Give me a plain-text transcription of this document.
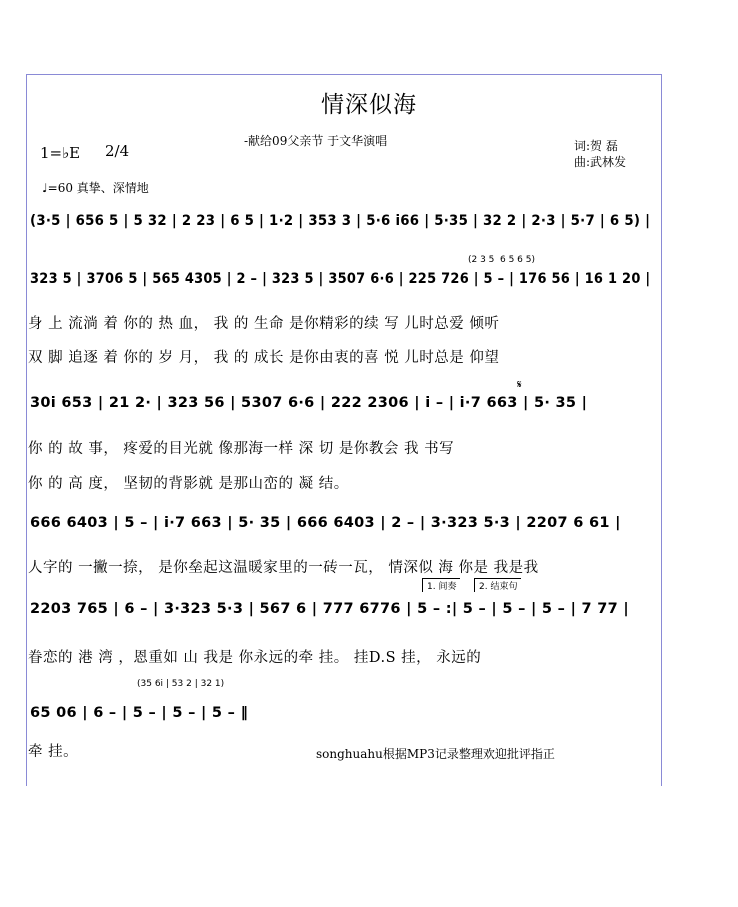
情深似海
-献给09父亲节 于文华演唱
1=♭E 2/4	词:贺 磊
曲:武林发
♩=60 真挚、深情地
(3·5 | 656 5 | 5 32 | 2 23 | 6 5 | 1·2 | 353 3 | 5·6 i66 | 5·35 | 32 2 | 2·3 | 5·7 | 6 5) |
(2 3 5 6 5 6 5)
323 5 | 3706 5 | 565 4305 | 2 – | 323 5 | 3507 6·6 | 225 726 | 5 – | 176 56 | 16 1 20 |
身 上 流淌 着 你的 热 血， 我 的 生命 是你精彩的续 写 儿时总爱 倾听
双 脚 追逐 着 你的 岁 月， 我 的 成长 是你由衷的喜 悦 儿时总是 仰望
𝄋
30i 653 | 21 2· | 323 56 | 5307 6·6 | 222 2306 | i – | i·7 663 | 5· 35 |
你 的 故 事， 疼爱的目光就 像那海一样 深 切 是你教会 我 书写
你 的 高 度， 坚韧的背影就 是那山峦的 凝 结。
666 6403 | 5 – | i·7 663 | 5· 35 | 666 6403 | 2 – | 3·323 5·3 | 2207 6 61 |
人字的 一撇一捺， 是你垒起这温暖家里的一砖一瓦， 情深似 海 你是 我是我
1. 间奏	2. 结束句
2203 765 | 6 – | 3·323 5·3 | 567 6 | 777 6776 | 5 – :| 5 – | 5 – | 5 – | 7 77 |
眷恋的 港 湾 ，恩重如 山 我是 你永远的牵 挂。 挂D.S 挂， 永远的
(35 6i | 53 2 | 32 1)
65 06 | 6 – | 5 – | 5 – | 5 – ‖
牵 挂。	songhuahu根据MP3记录整理欢迎批评指正
